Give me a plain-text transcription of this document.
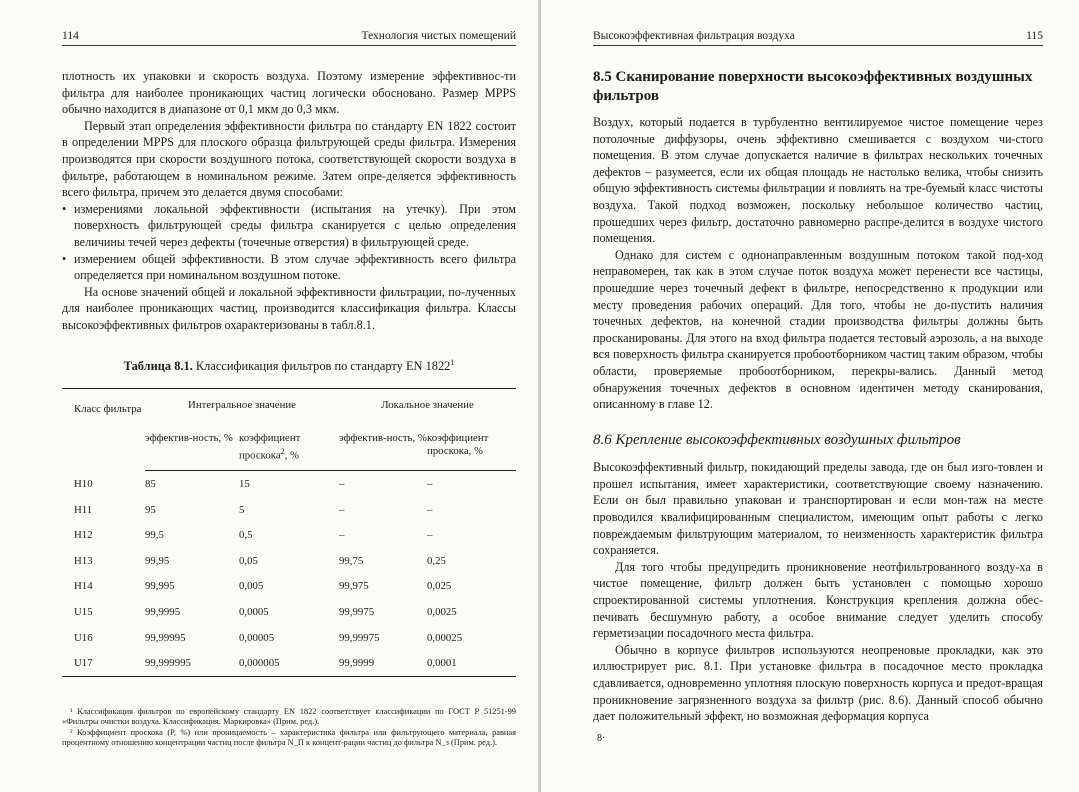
114	Технология чистых помещений

плотность их упаковки и скорость воздуха. Поэтому измерение эффективнос-ти фильтра для наиболее проникающих частиц логически обосновано. Размер MPPS обычно находится в диапазоне от 0,1 мкм до 0,3 мкм.

Первый этап определения эффективности фильтра по стандарту EN 1822 состоит в определении MPPS для плоского образца фильтрующей среды фильтра. Измерения производятся при скорости воздушного потока, соответствующей скорости воздуха в фильтре, работающем в номинальном режиме. Затем опре-деляется эффективность всего фильтра, причем это делается двумя способами:

• измерениями локальной эффективности (испытания на утечку). При этом поверхность фильтрующей среды фильтра сканируется с целью определения величины течей через дефекты (точечные отверстия) в фильтрующей среде.
• измерением общей эффективности. В этом случае эффективность всего фильтра определяется при номинальном воздушном потоке.

На основе значений общей и локальной эффективности фильтрации, по-лученных для наиболее проникающих частиц, производится классификация фильтра. Классы высокоэффективных фильтров охарактеризованы в табл.8.1.

Таблица 8.1. Классификация фильтров по стандарту EN 1822$^1$
Класс фильтра	Интегральное значение		Локальное значение	
	эффектив-ность, %	коэффициент проскока$^2$, %	эффектив-ность, %	коэффициент проскока, %
H10	85	15	–	–
H11	95	5	–	–
H12	99,5	0,5	–	–
H13	99,95	0,05	99,75	0,25
H14	99,995	0,005	99,975	0,025
U15	99,9995	0,0005	99,9975	0,0025
U16	99,99995	0,00005	99,99975	0,00025
U17	99,999995	0,000005	99,9999	0,0001
¹ Классификация фильтров по европейскому стандарту EN 1822 соответствует классификации по ГОСТ Р 51251-99 «Фильтры очистки воздуха. Классификация. Маркировка» (Прим. ред.).
² Коэффициент проскока (P, %) или проницаемость – характеристика фильтра или фильтрующего материала, равная процентному отношению концентрации частиц после фильтра N_П к концент-рации частиц до фильтра N_з (Прим. ред.).
Высокоэффективная фильтрация воздуха	115
8.5 Сканирование поверхности высокоэффективных воздушных фильтров

Воздух, который подается в турбулентно вентилируемое чистое помещение через потолочные диффузоры, очень эффективно смешивается с воздухом чи-стого помещения. В этом случае допускается наличие в фильтрах нескольких точечных дефектов – разумеется, если их общая площадь не настолько велика, чтобы снизить общую эффективность системы фильтрации и повлиять на тре-буемый класс чистоты воздуха. Такой подход возможен, поскольку небольшое количество частиц, прошедших через фильтр, достаточно равномерно распре-делится в воздухе чистого помещения.

Однако для систем с однонаправленным воздушным потоком такой под-ход неправомерен, так как в этом случае поток воздуха может перенести все частицы, прошедшие через точечный дефект в фильтре, непосредственно к продукции или месту проведения рабочих операций. Для того, чтобы не до-пустить наличия точечных дефектов, на конечной стадии производства фильтры должны быть просканированы. Для этого на вход фильтра подается тестовый аэрозоль, а на выходе вся поверхность фильтра сканируется пробоотборником частиц таким образом, чтобы области, проверяемые пробоотборником, перекры-вались. Данный метод обнаружения точечных дефектов в основном идентичен методу сканирования, описанному в главе 12.

8.6 Крепление высокоэффективных воздушных фильтров

Высокоэффективный фильтр, покидающий пределы завода, где он был изго-товлен и прошел испытания, имеет характеристики, соответствующие своему назначению. Если он был правильно упакован и транспортирован и если мон-таж на месте проводился квалифицированным специалистом, имеющим опыт работы с легко повреждаемым фильтрующим материалом, то неизменность характеристик фильтра сохраняется.

Для того чтобы предупредить проникновение неотфильтрованного возду-ха в чистое помещение, фильтр должен быть установлен с помощью хорошо спроектированной системы уплотнения. Конструкция крепления должна обес-печивать бесшумную работу, а особое внимание следует уделить способу герметизации посадочного места фильтра.

Обычно в корпусе фильтров используются неопреновые прокладки, как это иллюстрирует рис. 8.1. При установке фильтра в посадочное место прокладка сдавливается, одновременно уплотняя плоскую поверхность корпуса и предот-вращая проникновение загрязненного воздуха за фильтр (рис. 8.6). Данный способ обычно дает положительный эффект, но возможная деформация корпуса

8·
